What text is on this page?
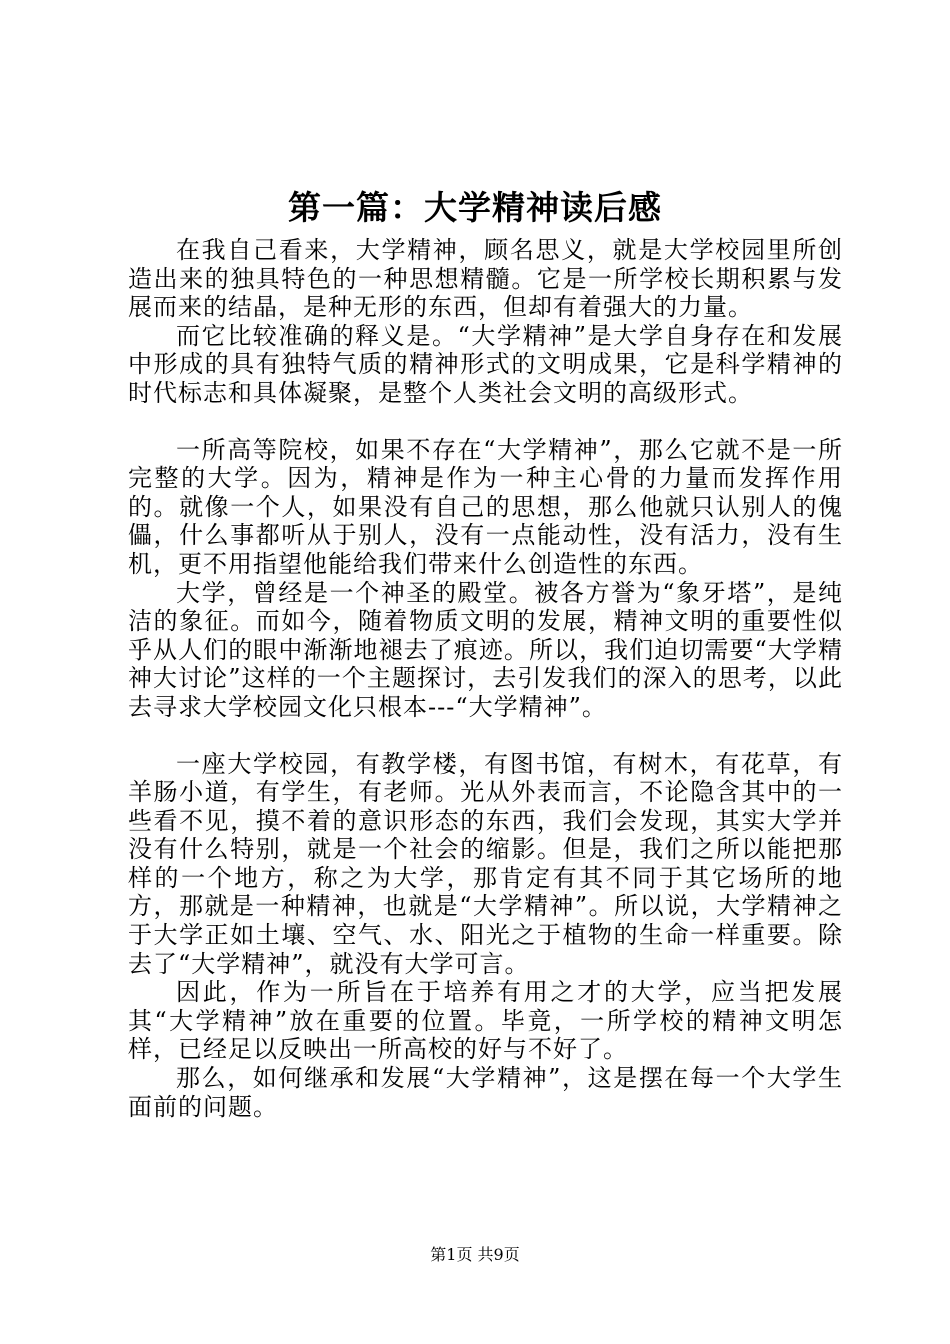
第一篇：大学精神读后感

在我自己看来，大学精神，顾名思义，就是大学校园里所创造出来的独具特色的一种思想精髓。它是一所学校长期积累与发展而来的结晶，是种无形的东西，但却有着强大的力量。

而它比较准确的释义是。“大学精神”是大学自身存在和发展中形成的具有独特气质的精神形式的文明成果，它是科学精神的时代标志和具体凝聚，是整个人类社会文明的高级形式。

一所高等院校，如果不存在“大学精神”，那么它就不是一所完整的大学。因为，精神是作为一种主心骨的力量而发挥作用的。就像一个人，如果没有自己的思想，那么他就只认别人的傀儡，什么事都听从于别人，没有一点能动性，没有活力，没有生机，更不用指望他能给我们带来什么创造性的东西。

大学，曾经是一个神圣的殿堂。被各方誉为“象牙塔”，是纯洁的象征。而如今，随着物质文明的发展，精神文明的重要性似乎从人们的眼中渐渐地褪去了痕迹。所以，我们迫切需要“大学精神大讨论”这样的一个主题探讨，去引发我们的深入的思考，以此去寻求大学校园文化只根本---“大学精神”。

一座大学校园，有教学楼，有图书馆，有树木，有花草，有羊肠小道，有学生，有老师。光从外表而言，不论隐含其中的一些看不见，摸不着的意识形态的东西，我们会发现，其实大学并没有什么特别，就是一个社会的缩影。但是，我们之所以能把那样的一个地方，称之为大学，那肯定有其不同于其它场所的地方，那就是一种精神，也就是“大学精神”。所以说，大学精神之于大学正如土壤、空气、水、阳光之于植物的生命一样重要。除去了“大学精神”，就没有大学可言。

因此，作为一所旨在于培养有用之才的大学，应当把发展其“大学精神”放在重要的位置。毕竟，一所学校的精神文明怎样，已经足以反映出一所高校的好与不好了。

那么，如何继承和发展“大学精神”，这是摆在每一个大学生面前的问题。

第1页 共9页
